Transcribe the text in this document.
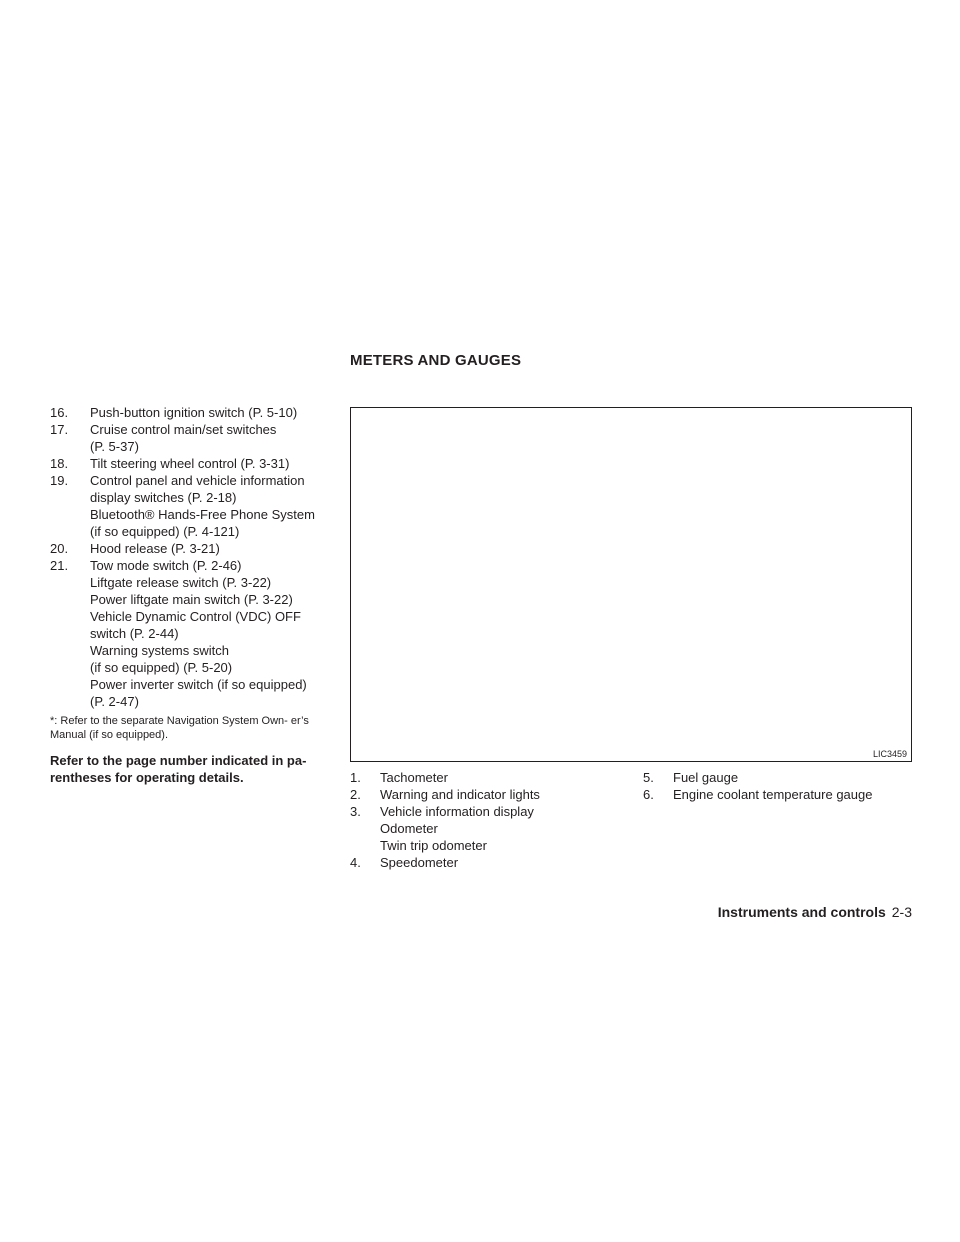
METERS AND GAUGES
16.	Push-button ignition switch (P. 5-10)
17.	Cruise control main/set switches
(P. 5-37)
18.	Tilt steering wheel control (P. 3-31)
19.	Control panel and vehicle information
display switches (P. 2-18)
Bluetooth® Hands-Free Phone System
(if so equipped) (P. 4-121)
20.	Hood release (P. 3-21)
21.	Tow mode switch (P. 2-46)
Liftgate release switch (P. 3-22)
Power liftgate main switch (P. 3-22)
Vehicle Dynamic Control (VDC) OFF
switch (P. 2-44)
Warning systems switch
(if so equipped) (P. 5-20)
Power inverter switch (if so equipped)
(P. 2-47)
*: Refer to the separate Navigation System Own- er’s Manual (if so equipped).
Refer to the page number indicated in pa- rentheses for operating details.
LIC3459
1.	Tachometer
2.	Warning and indicator lights
3.	Vehicle information display
Odometer
Twin trip odometer
4.	Speedometer
5.	Fuel gauge
6.	Engine coolant temperature gauge
Instruments and controls 2-3
